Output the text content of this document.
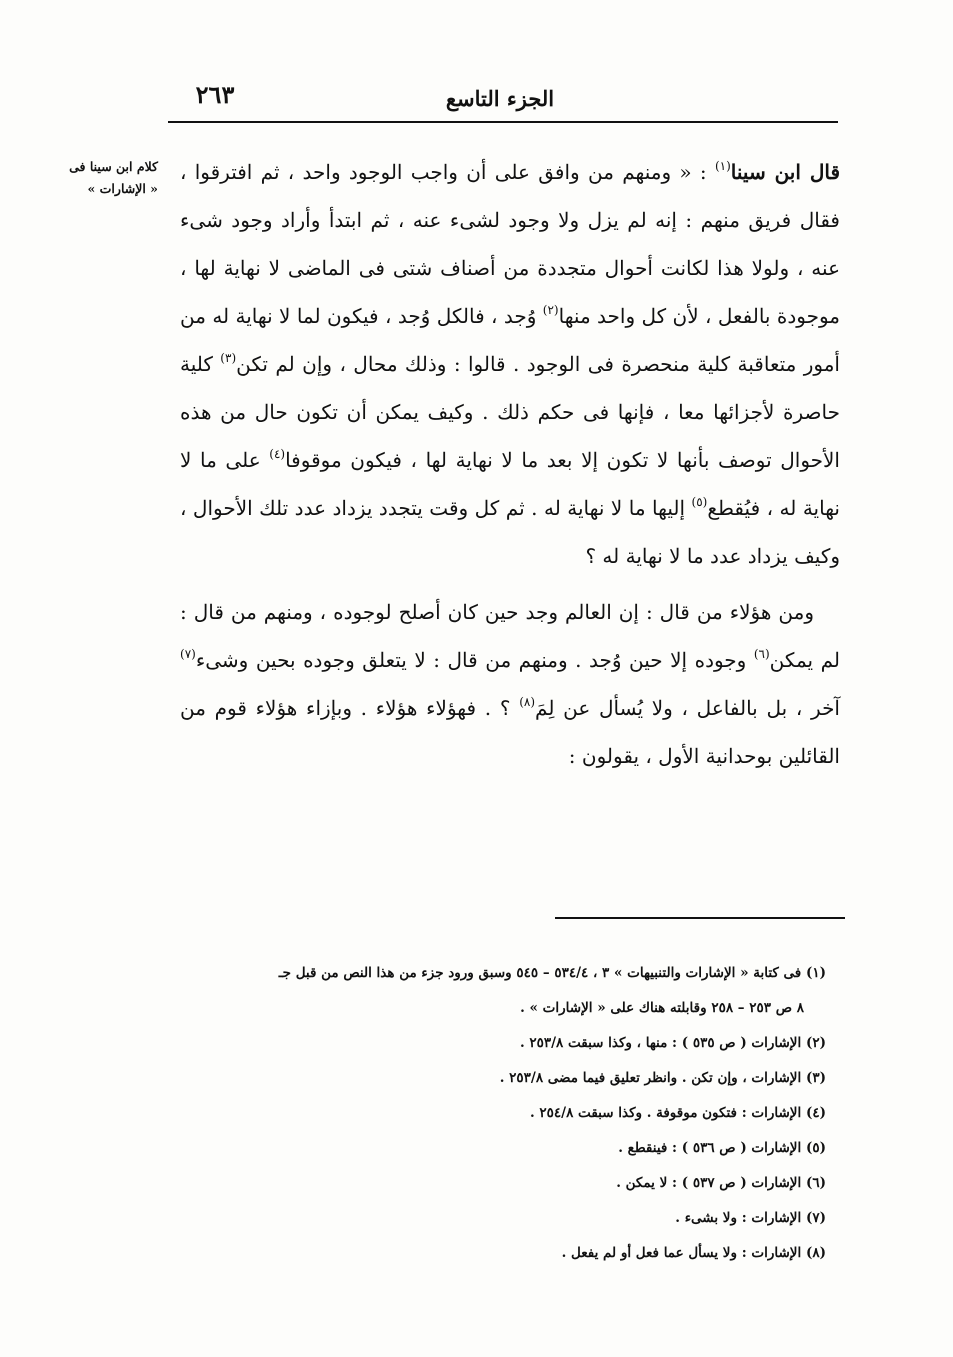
الجزء التاسع
٢٦٣
كلام ابن سينا فى
« الإشارات »

قال ابن سينا$^{(١)}$ : « ومنهم من وافق على أن واجب الوجود واحد ، ثم افترقوا ، فقال فريق منهم : إنه لم يزل ولا وجود لشىء عنه ، ثم ابتدأ وأراد وجود شىء عنه ، ولولا هذا لكانت أحوال متجددة من أصناف شتى فى الماضى لا نهاية لها ، موجودة بالفعل ، لأن كل واحد منها$^{(٢)}$ وُجد ، فالكل وُجد ، فيكون لما لا نهاية له من أمور متعاقبة كلية منحصرة فى الوجود . قالوا : وذلك محال ، وإن لم تكن$^{(٣)}$ كلية حاصرة لأجزائها معا ، فإنها فى حكم ذلك . وكيف يمكن أن تكون حال من هذه الأحوال توصف بأنها لا تكون إلا بعد ما لا نهاية لها ، فيكون موقوفا$^{(٤)}$ على ما لا نهاية له ، فيُقطع$^{(٥)}$ إليها ما لا نهاية له . ثم كل وقت يتجدد يزداد عدد تلك الأحوال ، وكيف يزداد عدد ما لا نهاية له ؟

ومن هؤلاء من قال : إن العالم وجد حين كان أصلح لوجوده ، ومنهم من قال : لم يمكن$^{(٦)}$ وجوده إلا حين وُجد . ومنهم من قال : لا يتعلق وجوده بحين وشىء$^{(٧)}$ آخر ، بل بالفاعل ، ولا يُسأل عن لِمَ$^{(٨)}$ ؟ . فهؤلاء هؤلاء . وبإزاء هؤلاء قوم من القائلين بوحدانية الأول ، يقولون :

(١) فى كتابة « الإشارات والتنبيهات » ٣ ، ٥٣٤/٤ – ٥٤٥ وسبق ورود جزء من هذا النص من قبل جـ
٨ ص ٢٥٣ – ٢٥٨ وقابلته هناك على « الإشارات » .
(٢) الإشارات ( ص ٥٣٥ ) : منها ، وكذا سبقت ٢٥٣/٨ .
(٣) الإشارات ، وإن تكن . وانظر تعليق فيما مضى ٢٥٣/٨ .
(٤) الإشارات : فتكون موقوفة . وكذا سبقت ٢٥٤/٨ .
(٥) الإشارات ( ص ٥٣٦ ) : فينقطع .
(٦) الإشارات ( ص ٥٣٧ ) : لا يمكن .
(٧) الإشارات : ولا بشىء .
(٨) الإشارات : ولا يسأل عما فعل أو لم يفعل .
